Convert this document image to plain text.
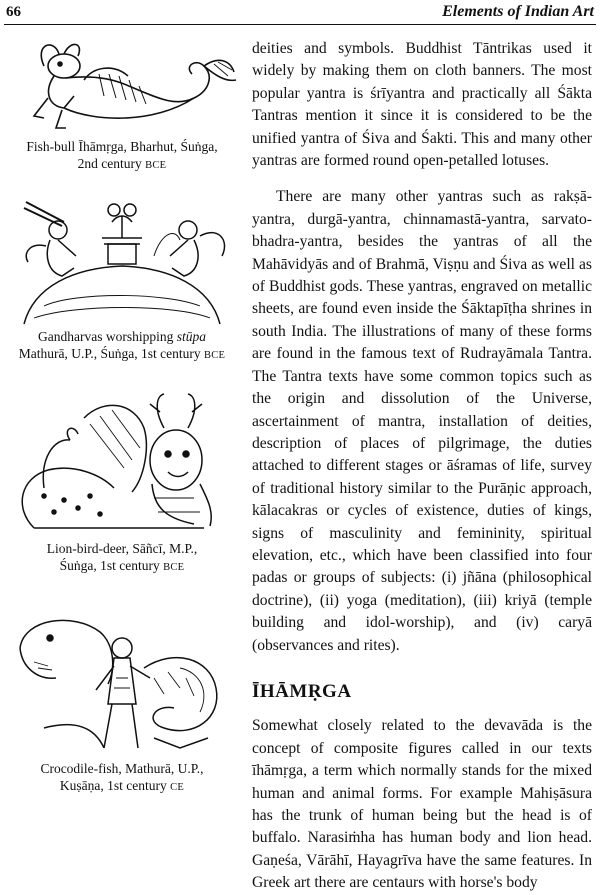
66	Elements of Indian Art
Fish-bull Īhāmṛga, Bharhut, Śuṅga,
2nd century BCE
Gandharvas worshipping stūpa
Mathurā, U.P., Śuṅga, 1st century BCE
Lion-bird-deer, Sāñcī, M.P.,
Śuṅga, 1st century BCE
Crocodile-fish, Mathurā, U.P.,
Kuṣāṇa, 1st century CE

deities and symbols. Buddhist Tāntrikas used it widely by making them on cloth banners. The most popular yantra is śrīyantra and practically all Śākta Tantras mention it since it is considered to be the unified yantra of Śiva and Śakti. This and many other yantras are formed round open-petalled lotuses.

There are many other yantras such as rakṣā-yantra, durgā-yantra, chinnamastā-yantra, sarvato-bhadra-yantra, besides the yantras of all the Mahāvidyās and of Brahmā, Viṣṇu and Śiva as well as of Buddhist gods. These yantras, engraved on metallic sheets, are found even inside the Śāktapīṭha shrines in south India. The illustrations of many of these forms are found in the famous text of Rudrayāmala Tantra. The Tantra texts have some common topics such as the origin and dissolution of the Universe, ascertainment of mantra, installation of deities, description of places of pilgrimage, the duties attached to different stages or āśramas of life, survey of traditional history similar to the Purāṇic approach, kālacakras or cycles of existence, duties of kings, signs of masculinity and femininity, spiritual elevation, etc., which have been classified into four padas or groups of subjects: (i) jñāna (philosophical doctrine), (ii) yoga (meditation), (iii) kriyā (temple building and idol-worship), and (iv) caryā (observances and rites).

ĪHĀMṚGA

Somewhat closely related to the devavāda is the concept of composite figures called in our texts īhāmṛga, a term which normally stands for the mixed human and animal forms. For example Mahiṣāsura has the trunk of human being but the head is of buffalo. Narasiṁha has human body and lion head. Gaṇeśa, Vārāhī, Hayagrīva have the same features. In Greek art there are centaurs with horse's body
